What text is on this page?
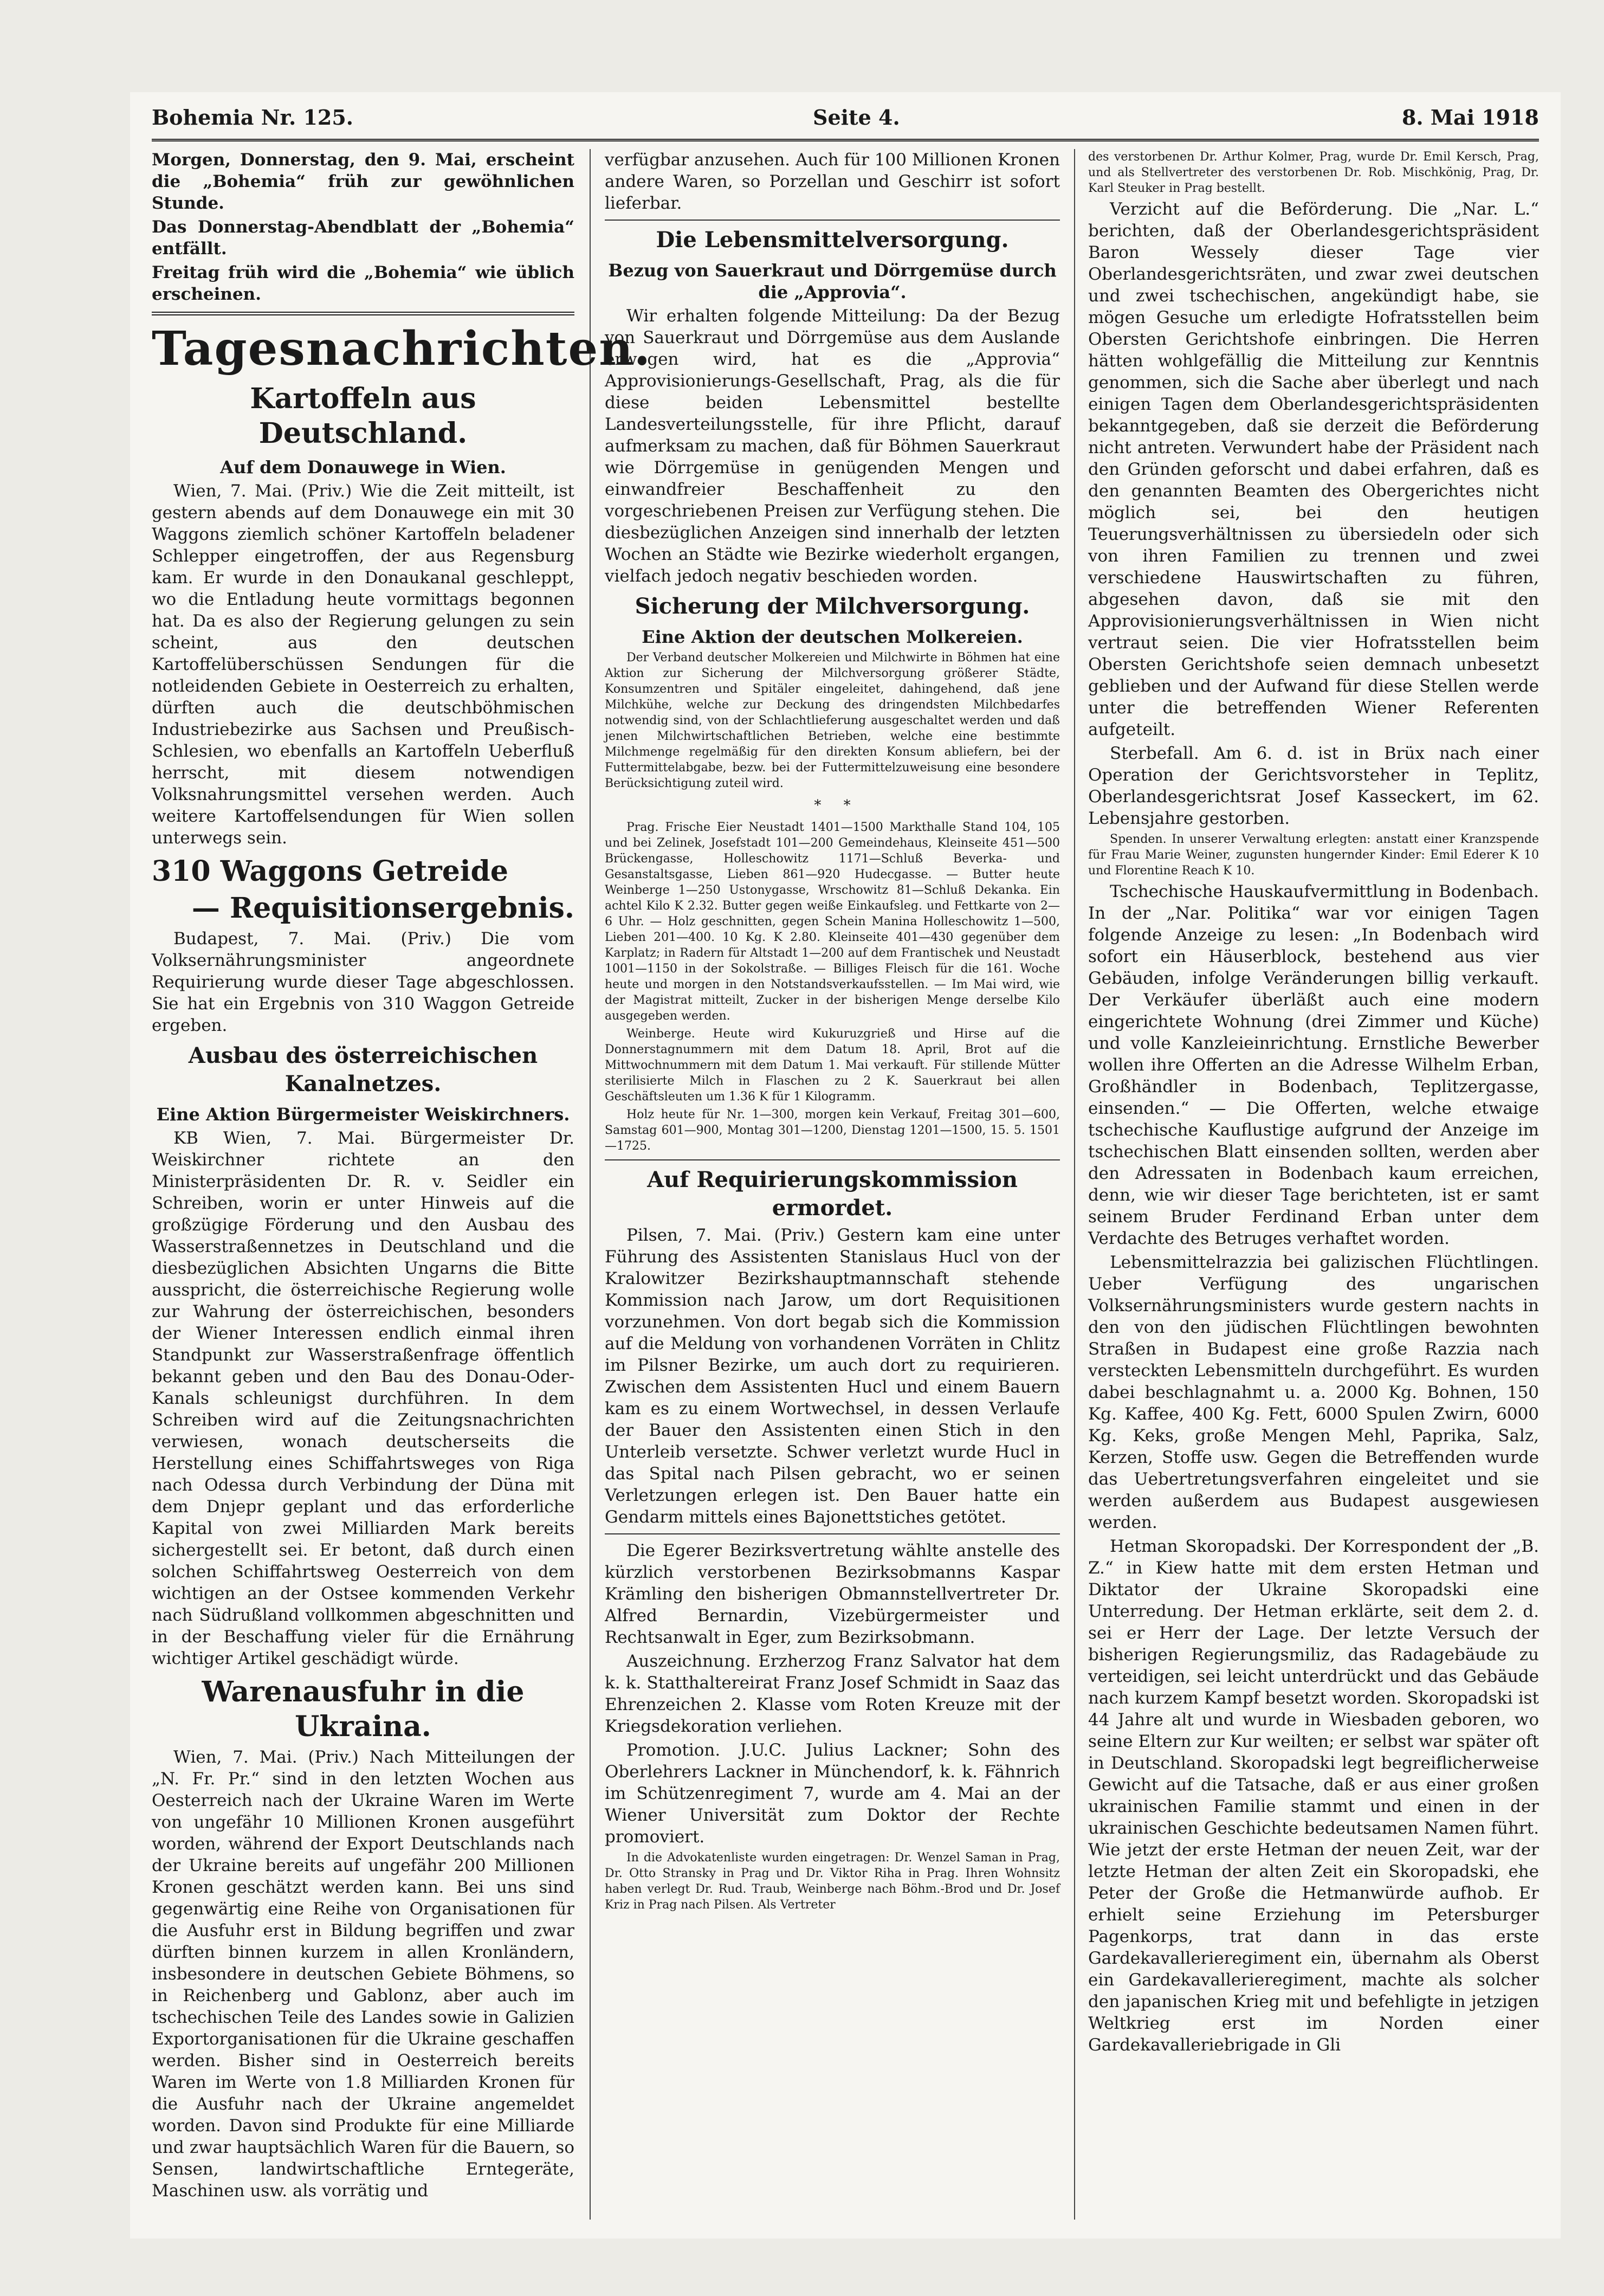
Bohemia Nr. 125.	Seite 4.	8. Mai 1918

Morgen, Donnerstag, den 9. Mai, erscheint die „Bohemia“ früh zur gewöhnlichen Stunde.

Das Donnerstag-Abendblatt der „Bohemia“ entfällt.

Freitag früh wird die „Bohemia“ wie üblich erscheinen.

Tagesnachrichten.
Kartoffeln aus Deutschland.
Auf dem Donauwege in Wien.

Wien, 7. Mai. (Priv.) Wie die Zeit mitteilt, ist gestern abends auf dem Donauwege ein mit 30 Waggons ziemlich schöner Kartoffeln beladener Schlepper eingetroffen, der aus Regensburg kam. Er wurde in den Donaukanal geschleppt, wo die Entladung heute vormittags begonnen hat. Da es also der Regierung gelungen zu sein scheint, aus den deutschen Kartoffelüberschüssen Sendungen für die notleidenden Gebiete in Oesterreich zu erhalten, dürften auch die deutschböhmischen Industriebezirke aus Sachsen und Preußisch-Schlesien, wo ebenfalls an Kartoffeln Ueberfluß herrscht, mit diesem notwendigen Volksnahrungsmittel versehen werden. Auch weitere Kartoffelsendungen für Wien sollen unterwegs sein.

310 Waggons Getreide
— Requisitionsergebnis.

Budapest, 7. Mai. (Priv.) Die vom Volksernährungsminister angeordnete Requirierung wurde dieser Tage abgeschlossen. Sie hat ein Ergebnis von 310 Waggon Getreide ergeben.

Ausbau des österreichischen Kanalnetzes.
Eine Aktion Bürgermeister Weiskirchners.

KB Wien, 7. Mai. Bürgermeister Dr. Weiskirchner richtete an den Ministerpräsidenten Dr. R. v. Seidler ein Schreiben, worin er unter Hinweis auf die großzügige Förderung und den Ausbau des Wasserstraßennetzes in Deutschland und die diesbezüglichen Absichten Ungarns die Bitte ausspricht, die österreichische Regierung wolle zur Wahrung der österreichischen, besonders der Wiener Interessen endlich einmal ihren Standpunkt zur Wasserstraßenfrage öffentlich bekannt geben und den Bau des Donau-Oder-Kanals schleunigst durchführen. In dem Schreiben wird auf die Zeitungsnachrichten verwiesen, wonach deutscherseits die Herstellung eines Schiffahrtsweges von Riga nach Odessa durch Verbindung der Düna mit dem Dnjepr geplant und das erforderliche Kapital von zwei Milliarden Mark bereits sichergestellt sei. Er betont, daß durch einen solchen Schiffahrtsweg Oesterreich von dem wichtigen an der Ostsee kommenden Verkehr nach Südrußland vollkommen abgeschnitten und in der Beschaffung vieler für die Ernährung wichtiger Artikel geschädigt würde.

Warenausfuhr in die Ukraina.

Wien, 7. Mai. (Priv.) Nach Mitteilungen der „N. Fr. Pr.“ sind in den letzten Wochen aus Oesterreich nach der Ukraine Waren im Werte von ungefähr 10 Millionen Kronen ausgeführt worden, während der Export Deutschlands nach der Ukraine bereits auf ungefähr 200 Millionen Kronen geschätzt werden kann. Bei uns sind gegenwärtig eine Reihe von Organisationen für die Ausfuhr erst in Bildung begriffen und zwar dürften binnen kurzem in allen Kronländern, insbesondere in deutschen Gebiete Böhmens, so in Reichenberg und Gablonz, aber auch im tschechischen Teile des Landes sowie in Galizien Exportorganisationen für die Ukraine geschaffen werden. Bisher sind in Oesterreich bereits Waren im Werte von 1.8 Milliarden Kronen für die Ausfuhr nach der Ukraine angemeldet worden. Davon sind Produkte für eine Milliarde und zwar hauptsächlich Waren für die Bauern, so Sensen, landwirtschaftliche Erntegeräte, Maschinen usw. als vorrätig und

verfügbar anzusehen. Auch für 100 Millionen Kronen andere Waren, so Porzellan und Geschirr ist sofort lieferbar.

Die Lebensmittelversorgung.
Bezug von Sauerkraut und Dörrgemüse durch die „Approvia“.

Wir erhalten folgende Mitteilung: Da der Bezug von Sauerkraut und Dörrgemüse aus dem Auslande erwogen wird, hat es die „Approvia“ Approvisionierungs-Gesellschaft, Prag, als die für diese beiden Lebensmittel bestellte Landesverteilungsstelle, für ihre Pflicht, darauf aufmerksam zu machen, daß für Böhmen Sauerkraut wie Dörrgemüse in genügenden Mengen und einwandfreier Beschaffenheit zu den vorgeschriebenen Preisen zur Verfügung stehen. Die diesbezüglichen Anzeigen sind innerhalb der letzten Wochen an Städte wie Bezirke wiederholt ergangen, vielfach jedoch negativ beschieden worden.

Sicherung der Milchversorgung.
Eine Aktion der deutschen Molkereien.

Der Verband deutscher Molkereien und Milchwirte in Böhmen hat eine Aktion zur Sicherung der Milchversorgung größerer Städte, Konsumzentren und Spitäler eingeleitet, dahingehend, daß jene Milchkühe, welche zur Deckung des dringendsten Milchbedarfes notwendig sind, von der Schlachtlieferung ausgeschaltet werden und daß jenen Milchwirtschaftlichen Betrieben, welche eine bestimmte Milchmenge regelmäßig für den direkten Konsum abliefern, bei der Futtermittelabgabe, bezw. bei der Futtermittelzuweisung eine besondere Berücksichtigung zuteil wird.

*     *

Prag. Frische Eier Neustadt 1401—1500 Markthalle Stand 104, 105 und bei Zelinek, Josefstadt 101—200 Gemeindehaus, Kleinseite 451—500 Brückengasse, Holleschowitz 1171—Schluß Beverka- und Gesanstaltsgasse, Lieben 861—920 Hudecgasse. — Butter heute Weinberge 1—250 Ustonygasse, Wrschowitz 81—Schluß Dekanka. Ein achtel Kilo K 2.32. Butter gegen weiße Einkaufsleg. und Fettkarte von 2—6 Uhr. — Holz geschnitten, gegen Schein Manina Holleschowitz 1—500, Lieben 201—400. 10 Kg. K 2.80. Kleinseite 401—430 gegenüber dem Karplatz; in Radern für Altstadt 1—200 auf dem Frantischek und Neustadt 1001—1150 in der Sokolstraße. — Billiges Fleisch für die 161. Woche heute und morgen in den Notstandsverkaufsstellen. — Im Mai wird, wie der Magistrat mitteilt, Zucker in der bisherigen Menge derselbe Kilo ausgegeben werden.

Weinberge. Heute wird Kukuruzgrieß und Hirse auf die Donnerstagnummern mit dem Datum 18. April, Brot auf die Mittwochnummern mit dem Datum 1. Mai verkauft. Für stillende Mütter sterilisierte Milch in Flaschen zu 2 K. Sauerkraut bei allen Geschäftsleuten um 1.36 K für 1 Kilogramm.

Holz heute für Nr. 1—300, morgen kein Verkauf, Freitag 301—600, Samstag 601—900, Montag 301—1200, Dienstag 1201—1500, 15. 5. 1501—1725.

Auf Requirierungskommission ermordet.

Pilsen, 7. Mai. (Priv.) Gestern kam eine unter Führung des Assistenten Stanislaus Hucl von der Kralowitzer Bezirkshauptmannschaft stehende Kommission nach Jarow, um dort Requisitionen vorzunehmen. Von dort begab sich die Kommission auf die Meldung von vorhandenen Vorräten in Chlitz im Pilsner Bezirke, um auch dort zu requirieren. Zwischen dem Assistenten Hucl und einem Bauern kam es zu einem Wortwechsel, in dessen Verlaufe der Bauer den Assistenten einen Stich in den Unterleib versetzte. Schwer verletzt wurde Hucl in das Spital nach Pilsen gebracht, wo er seinen Verletzungen erlegen ist. Den Bauer hatte ein Gendarm mittels eines Bajonettstiches getötet.

Die Egerer Bezirksvertretung wählte anstelle des kürzlich verstorbenen Bezirksobmanns Kaspar Krämling den bisherigen Obmannstellvertreter Dr. Alfred Bernardin, Vizebürgermeister und Rechtsanwalt in Eger, zum Bezirksobmann.

Auszeichnung. Erzherzog Franz Salvator hat dem k. k. Statthaltereirat Franz Josef Schmidt in Saaz das Ehrenzeichen 2. Klasse vom Roten Kreuze mit der Kriegsdekoration verliehen.

Promotion. J.U.C. Julius Lackner; Sohn des Oberlehrers Lackner in Münchendorf, k. k. Fähnrich im Schützenregiment 7, wurde am 4. Mai an der Wiener Universität zum Doktor der Rechte promoviert.

In die Advokatenliste wurden eingetragen: Dr. Wenzel Saman in Prag, Dr. Otto Stransky in Prag und Dr. Viktor Riha in Prag. Ihren Wohnsitz haben verlegt Dr. Rud. Traub, Weinberge nach Böhm.-Brod und Dr. Josef Kriz in Prag nach Pilsen. Als Vertreter

des verstorbenen Dr. Arthur Kolmer, Prag, wurde Dr. Emil Kersch, Prag, und als Stellvertreter des verstorbenen Dr. Rob. Mischkönig, Prag, Dr. Karl Steuker in Prag bestellt.

Verzicht auf die Beförderung. Die „Nar. L.“ berichten, daß der Oberlandesgerichtspräsident Baron Wessely dieser Tage vier Oberlandesgerichtsräten, und zwar zwei deutschen und zwei tschechischen, angekündigt habe, sie mögen Gesuche um erledigte Hofratsstellen beim Obersten Gerichtshofe einbringen. Die Herren hätten wohlgefällig die Mitteilung zur Kenntnis genommen, sich die Sache aber überlegt und nach einigen Tagen dem Oberlandesgerichtspräsidenten bekanntgegeben, daß sie derzeit die Beförderung nicht antreten. Verwundert habe der Präsident nach den Gründen geforscht und dabei erfahren, daß es den genannten Beamten des Obergerichtes nicht möglich sei, bei den heutigen Teuerungsverhältnissen zu übersiedeln oder sich von ihren Familien zu trennen und zwei verschiedene Hauswirtschaften zu führen, abgesehen davon, daß sie mit den Approvisionierungsverhältnissen in Wien nicht vertraut seien. Die vier Hofratsstellen beim Obersten Gerichtshofe seien demnach unbesetzt geblieben und der Aufwand für diese Stellen werde unter die betreffenden Wiener Referenten aufgeteilt.

Sterbefall. Am 6. d. ist in Brüx nach einer Operation der Gerichtsvorsteher in Teplitz, Oberlandesgerichtsrat Josef Kasseckert, im 62. Lebensjahre gestorben.

Spenden. In unserer Verwaltung erlegten: anstatt einer Kranzspende für Frau Marie Weiner, zugunsten hungernder Kinder: Emil Ederer K 10 und Florentine Reach K 10.

Tschechische Hauskaufvermittlung in Bodenbach. In der „Nar. Politika“ war vor einigen Tagen folgende Anzeige zu lesen: „In Bodenbach wird sofort ein Häuserblock, bestehend aus vier Gebäuden, infolge Veränderungen billig verkauft. Der Verkäufer überläßt auch eine modern eingerichtete Wohnung (drei Zimmer und Küche) und volle Kanzleieinrichtung. Ernstliche Bewerber wollen ihre Offerten an die Adresse Wilhelm Erban, Großhändler in Bodenbach, Teplitzergasse, einsenden.“ — Die Offerten, welche etwaige tschechische Kauflustige aufgrund der Anzeige im tschechischen Blatt einsenden sollten, werden aber den Adressaten in Bodenbach kaum erreichen, denn, wie wir dieser Tage berichteten, ist er samt seinem Bruder Ferdinand Erban unter dem Verdachte des Betruges verhaftet worden.

Lebensmittelrazzia bei galizischen Flüchtlingen. Ueber Verfügung des ungarischen Volksernährungsministers wurde gestern nachts in den von den jüdischen Flüchtlingen bewohnten Straßen in Budapest eine große Razzia nach versteckten Lebensmitteln durchgeführt. Es wurden dabei beschlagnahmt u. a. 2000 Kg. Bohnen, 150 Kg. Kaffee, 400 Kg. Fett, 6000 Spulen Zwirn, 6000 Kg. Keks, große Mengen Mehl, Paprika, Salz, Kerzen, Stoffe usw. Gegen die Betreffenden wurde das Uebertretungsverfahren eingeleitet und sie werden außerdem aus Budapest ausgewiesen werden.

Hetman Skoropadski. Der Korrespondent der „B. Z.“ in Kiew hatte mit dem ersten Hetman und Diktator der Ukraine Skoropadski eine Unterredung. Der Hetman erklärte, seit dem 2. d. sei er Herr der Lage. Der letzte Versuch der bisherigen Regierungsmiliz, das Radagebäude zu verteidigen, sei leicht unterdrückt und das Gebäude nach kurzem Kampf besetzt worden. Skoropadski ist 44 Jahre alt und wurde in Wiesbaden geboren, wo seine Eltern zur Kur weilten; er selbst war später oft in Deutschland. Skoropadski legt begreiflicherweise Gewicht auf die Tatsache, daß er aus einer großen ukrainischen Familie stammt und einen in der ukrainischen Geschichte bedeutsamen Namen führt. Wie jetzt der erste Hetman der neuen Zeit, war der letzte Hetman der alten Zeit ein Skoropadski, ehe Peter der Große die Hetmanwürde aufhob. Er erhielt seine Erziehung im Petersburger Pagenkorps, trat dann in das erste Gardekavallerieregiment ein, übernahm als Oberst ein Gardekavallerieregiment, machte als solcher den japanischen Krieg mit und befehligte in jetzigen Weltkrieg erst im Norden einer Gardekavalleriebrigade in Gli
